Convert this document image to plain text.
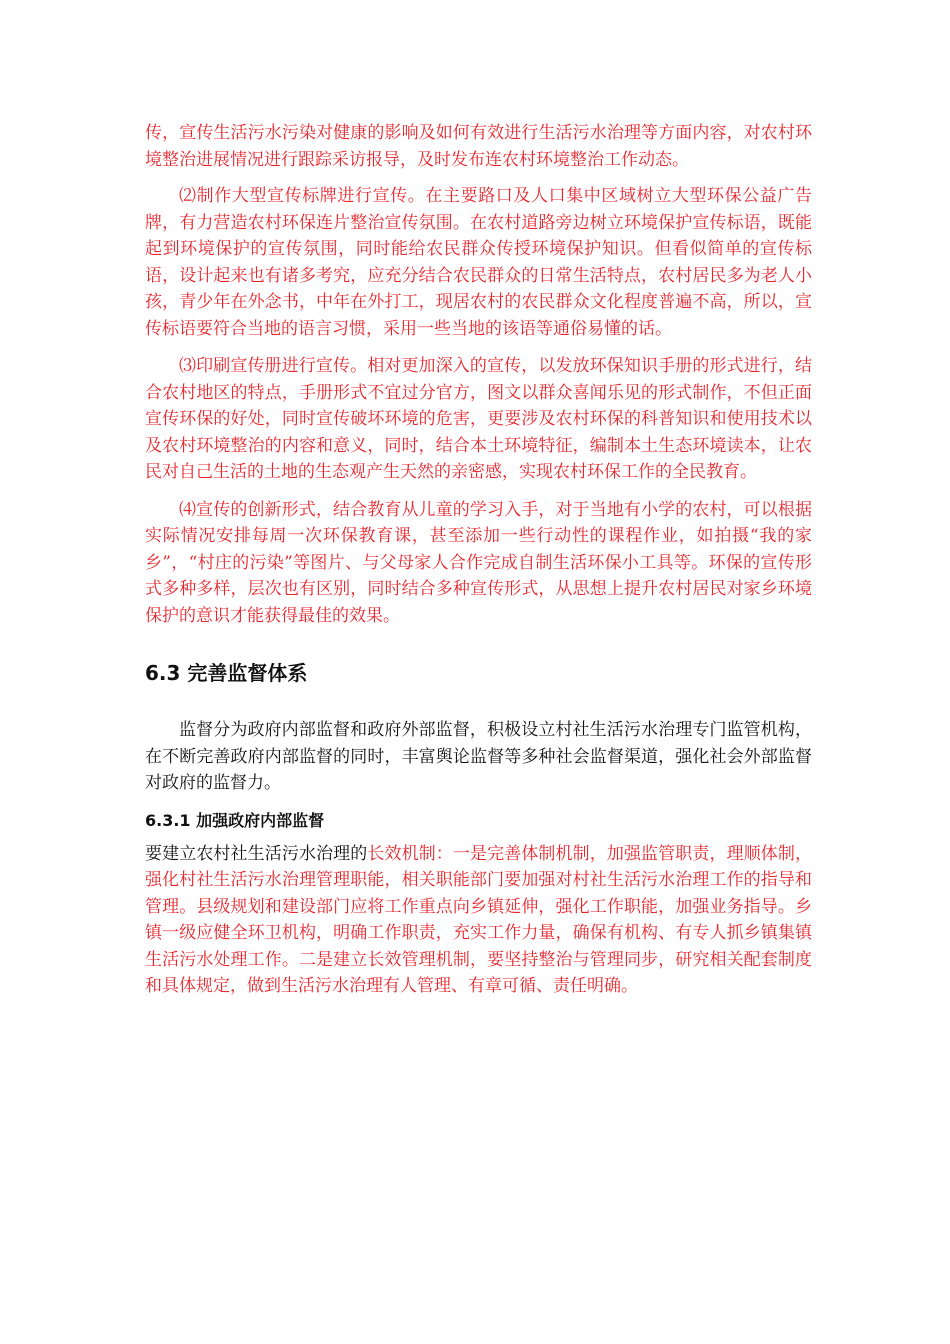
传，宣传生活污水污染对健康的影响及如何有效进行生活污水治理等方面内容，对农村环境整治进展情况进行跟踪采访报导，及时发布连农村环境整治工作动态。

⑵制作大型宣传标牌进行宣传。在主要路口及人口集中区域树立大型环保公益广告牌，有力营造农村环保连片整治宣传氛围。在农村道路旁边树立环境保护宣传标语，既能起到环境保护的宣传氛围，同时能给农民群众传授环境保护知识。但看似简单的宣传标语，设计起来也有诸多考究，应充分结合农民群众的日常生活特点，农村居民多为老人小孩，青少年在外念书，中年在外打工，现居农村的农民群众文化程度普遍不高，所以，宣传标语要符合当地的语言习惯，采用一些当地的该语等通俗易懂的话。

⑶印刷宣传册进行宣传。相对更加深入的宣传，以发放环保知识手册的形式进行，结合农村地区的特点，手册形式不宜过分官方，图文以群众喜闻乐见的形式制作，不但正面宣传环保的好处，同时宣传破坏环境的危害，更要涉及农村环保的科普知识和使用技术以及农村环境整治的内容和意义，同时，结合本土环境特征，编制本土生态环境读本，让农民对自己生活的土地的生态观产生天然的亲密感，实现农村环保工作的全民教育。

⑷宣传的创新形式，结合教育从儿童的学习入手，对于当地有小学的农村，可以根据实际情况安排每周一次环保教育课，甚至添加一些行动性的课程作业，如拍摄“我的家乡”，“村庄的污染”等图片、与父母家人合作完成自制生活环保小工具等。环保的宣传形式多种多样，层次也有区别，同时结合多种宣传形式，从思想上提升农村居民对家乡环境保护的意识才能获得最佳的效果。

6.3 完善监督体系

监督分为政府内部监督和政府外部监督，积极设立村社生活污水治理专门监管机构，在不断完善政府内部监督的同时，丰富舆论监督等多种社会监督渠道，强化社会外部监督对政府的监督力。

6.3.1 加强政府内部监督

要建立农村社生活污水治理的长效机制：一是完善体制机制，加强监管职责，理顺体制，强化村社生活污水治理管理职能，相关职能部门要加强对村社生活污水治理工作的指导和管理。县级规划和建设部门应将工作重点向乡镇延伸，强化工作职能，加强业务指导。乡镇一级应健全环卫机构，明确工作职责，充实工作力量，确保有机构、有专人抓乡镇集镇生活污水处理工作。二是建立长效管理机制，要坚持整治与管理同步，研究相关配套制度和具体规定，做到生活污水治理有人管理、有章可循、责任明确。
